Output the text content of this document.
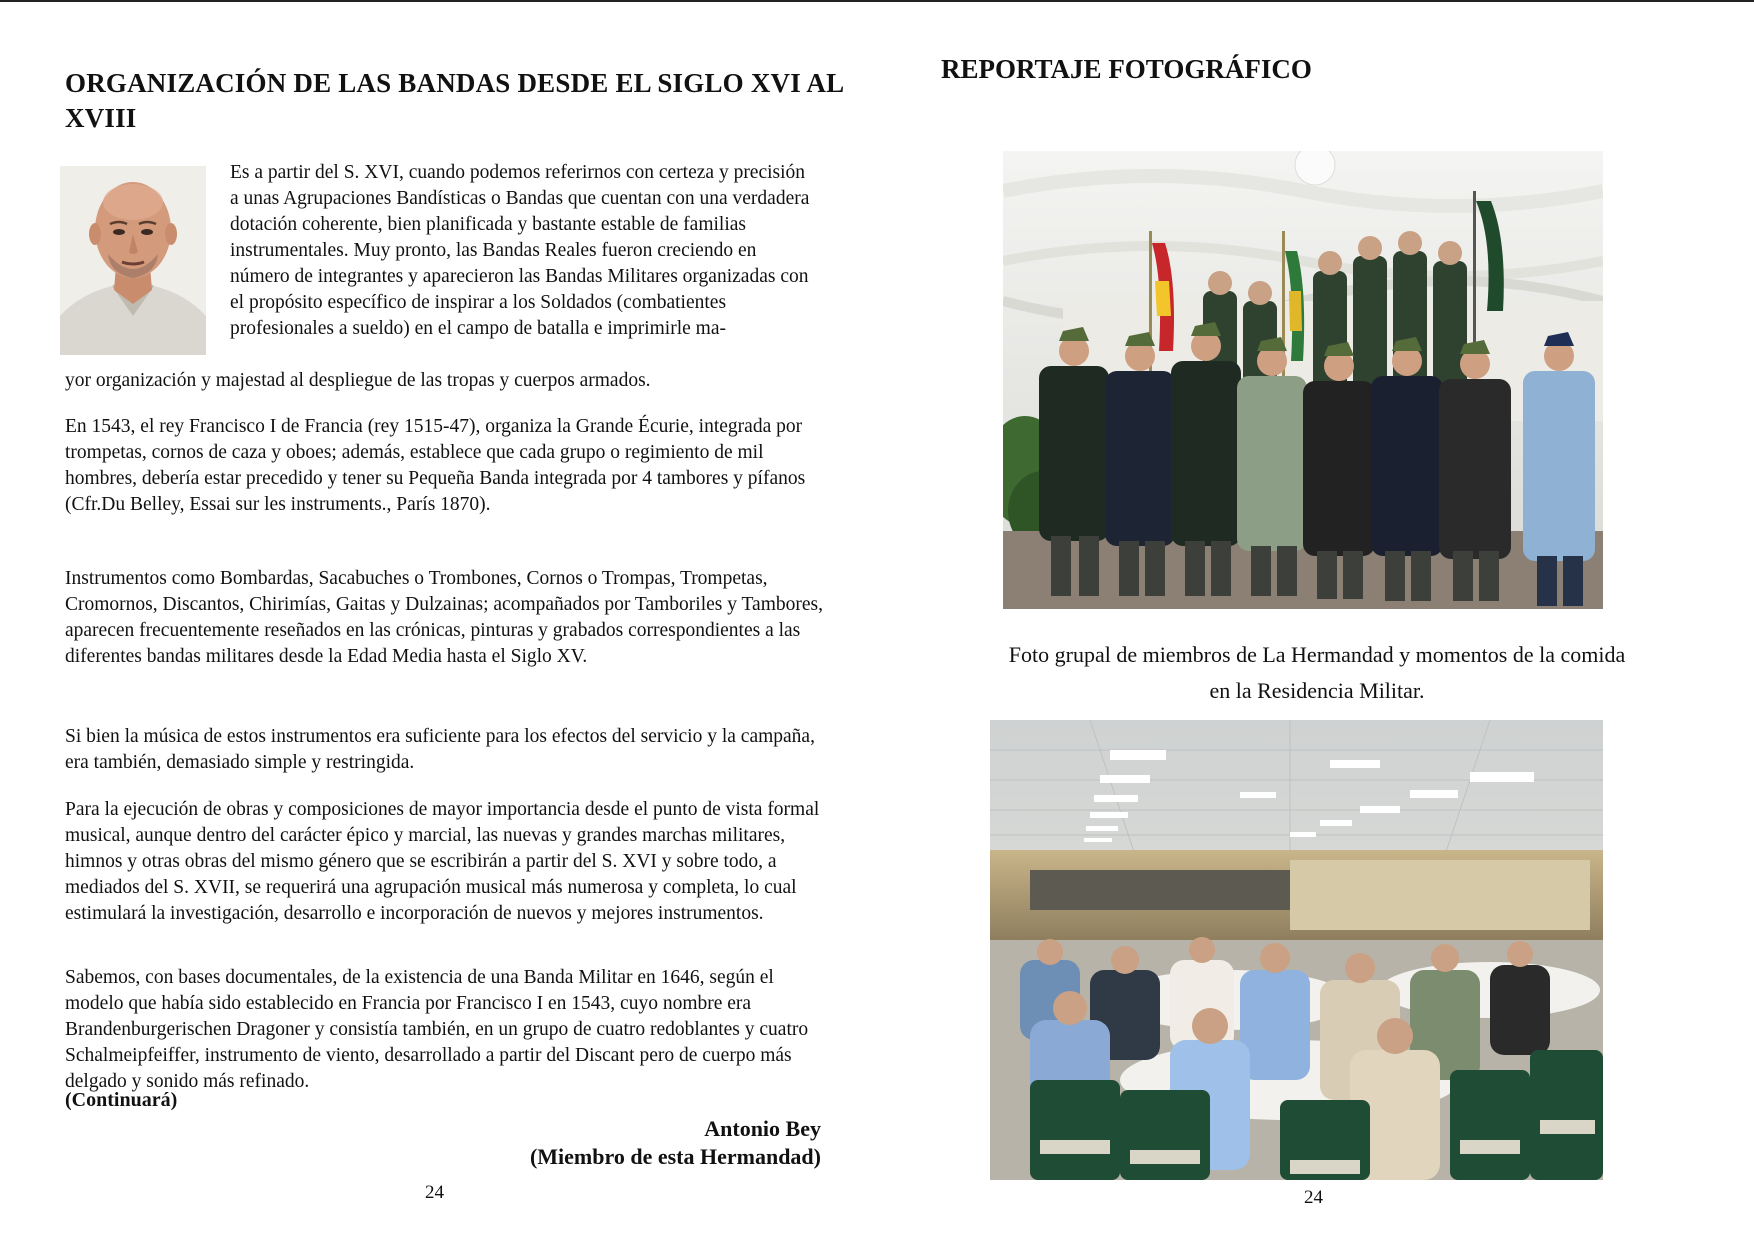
ORGANIZACIÓN DE LAS BANDAS DESDE EL SIGLO XVI AL XVIII

Es a partir del S. XVI, cuando podemos referirnos con certeza y precisión a unas Agrupaciones Bandísticas o Bandas que cuentan con una verdadera dotación coherente, bien planificada y bastante estable de familias instrumentales. Muy pronto, las Bandas Reales fueron creciendo en número de integrantes y aparecieron las Bandas Militares organizadas con el propósito específico de inspirar a los Soldados (combatientes profesionales a sueldo) en el campo de batalla e imprimirle ma-

yor organización y majestad al despliegue de las tropas y cuerpos armados.

En 1543, el rey Francisco I de Francia (rey 1515-47), organiza la Grande Écurie, integrada por trompetas, cornos de caza y oboes; además, establece que cada grupo o regimiento de mil hombres, debería estar precedido y tener su Pequeña Banda integrada por 4 tambores y pífanos (Cfr.Du Belley, Essai sur les instruments., París 1870).

Instrumentos como Bombardas, Sacabuches o Trombones, Cornos o Trompas, Trompetas, Cromornos, Discantos, Chirimías, Gaitas y Dulzainas; acompañados por Tamboriles y Tambores, aparecen frecuentemente reseñados en las crónicas, pinturas y grabados correspondientes a las diferentes bandas militares desde la Edad Media hasta el Siglo XV.

Si bien la música de estos instrumentos era suficiente para los efectos del servicio y la campaña, era también, demasiado simple y restringida.

Para la ejecución de obras y composiciones de mayor importancia desde el punto de vista formal musical, aunque dentro del carácter épico y marcial, las nuevas y grandes marchas militares, himnos y otras obras del mismo género que se escribirán a partir del S. XVI y sobre todo, a mediados del S. XVII, se requerirá una agrupación musical más numerosa y completa, lo cual estimulará la investigación, desarrollo e incorporación de nuevos y mejores instrumentos.

Sabemos, con bases documentales, de la existencia de una Banda Militar en 1646, según el modelo que había sido establecido en Francia por Francisco I en 1543, cuyo nombre era Brandenburgerischen Dragoner y consistía también, en un grupo de cuatro redoblantes y cuatro Schalmeipfeiffer, instrumento de viento, desarrollado a partir del Discant pero de cuerpo más delgado y sonido más refinado.

(Continuará)
Antonio Bey
(Miembro de esta Hermandad)
24
REPORTAJE FOTOGRÁFICO

Foto grupal de miembros de La Hermandad y momentos de la comida
en la Residencia Militar.

24
